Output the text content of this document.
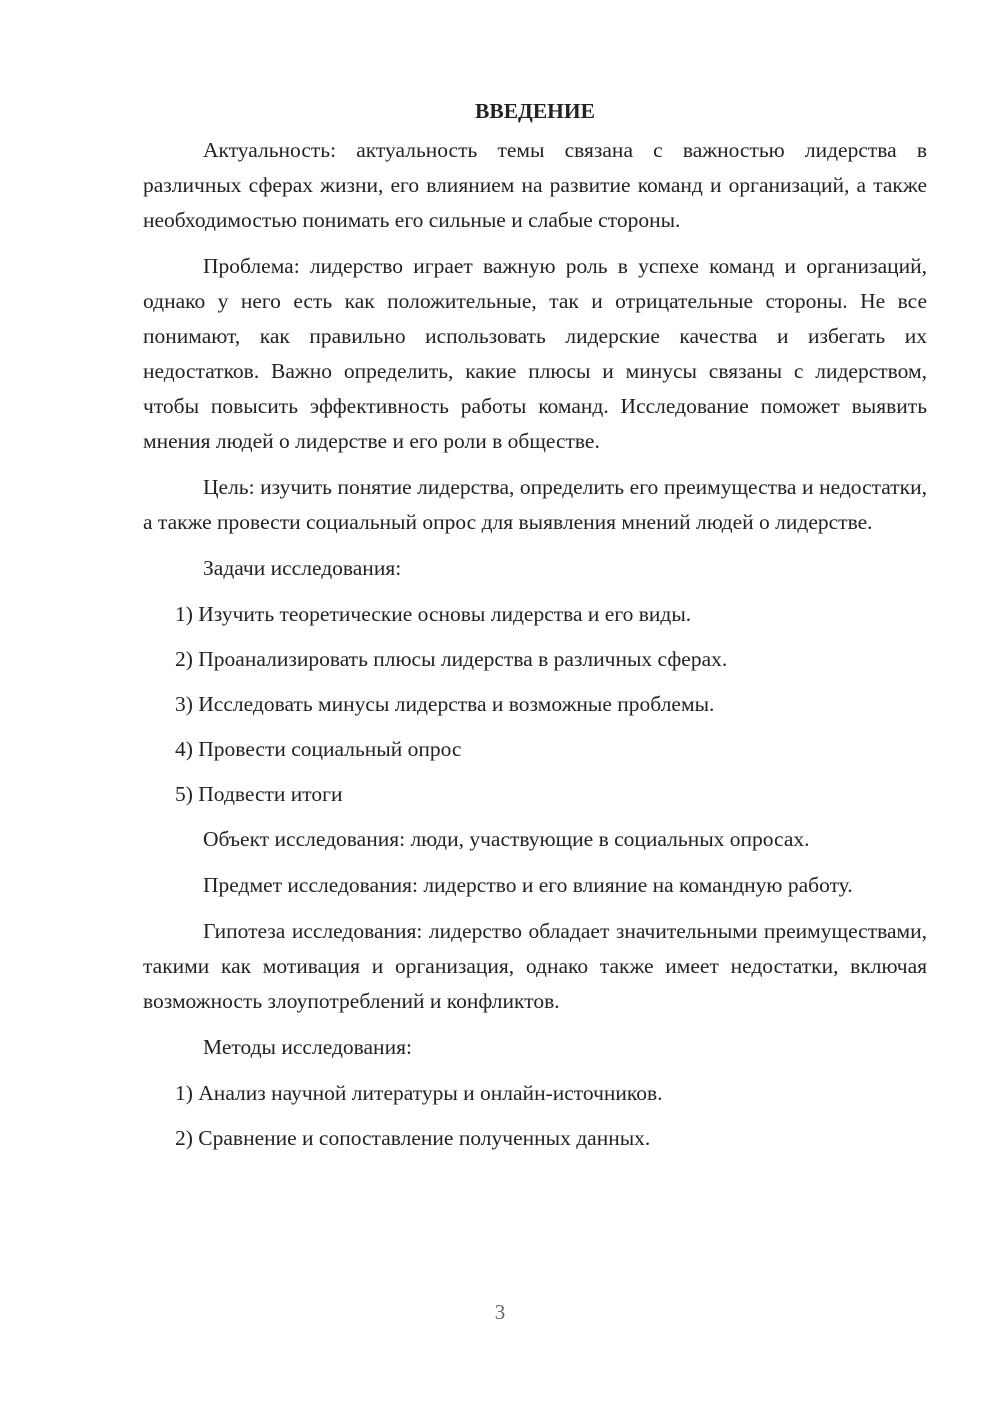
ВВЕДЕНИЕ

Актуальность: актуальность темы связана с важностью лидерства в различных сферах жизни, его влиянием на развитие команд и организаций, а также необходимостью понимать его сильные и слабые стороны.

Проблема: лидерство играет важную роль в успехе команд и организаций, однако у него есть как положительные, так и отрицательные стороны. Не все понимают, как правильно использовать лидерские качества и избегать их недостатков. Важно определить, какие плюсы и минусы связаны с лидерством, чтобы повысить эффективность работы команд. Исследование поможет выявить мнения людей о лидерстве и его роли в обществе.

Цель: изучить понятие лидерства, определить его преимущества и недостатки, а также провести социальный опрос для выявления мнений людей о лидерстве.

Задачи исследования:

1) Изучить теоретические основы лидерства и его виды.

2) Проанализировать плюсы лидерства в различных сферах.

3) Исследовать минусы лидерства и возможные проблемы.

4) Провести социальный опрос

5) Подвести итоги

Объект исследования: люди, участвующие в социальных опросах.

Предмет исследования: лидерство и его влияние на командную работу.

Гипотеза исследования: лидерство обладает значительными преимуществами, такими как мотивация и организация, однако также имеет недостатки, включая возможность злоупотреблений и конфликтов.

Методы исследования:

1) Анализ научной литературы и онлайн-источников.

2) Сравнение и сопоставление полученных данных.

3
